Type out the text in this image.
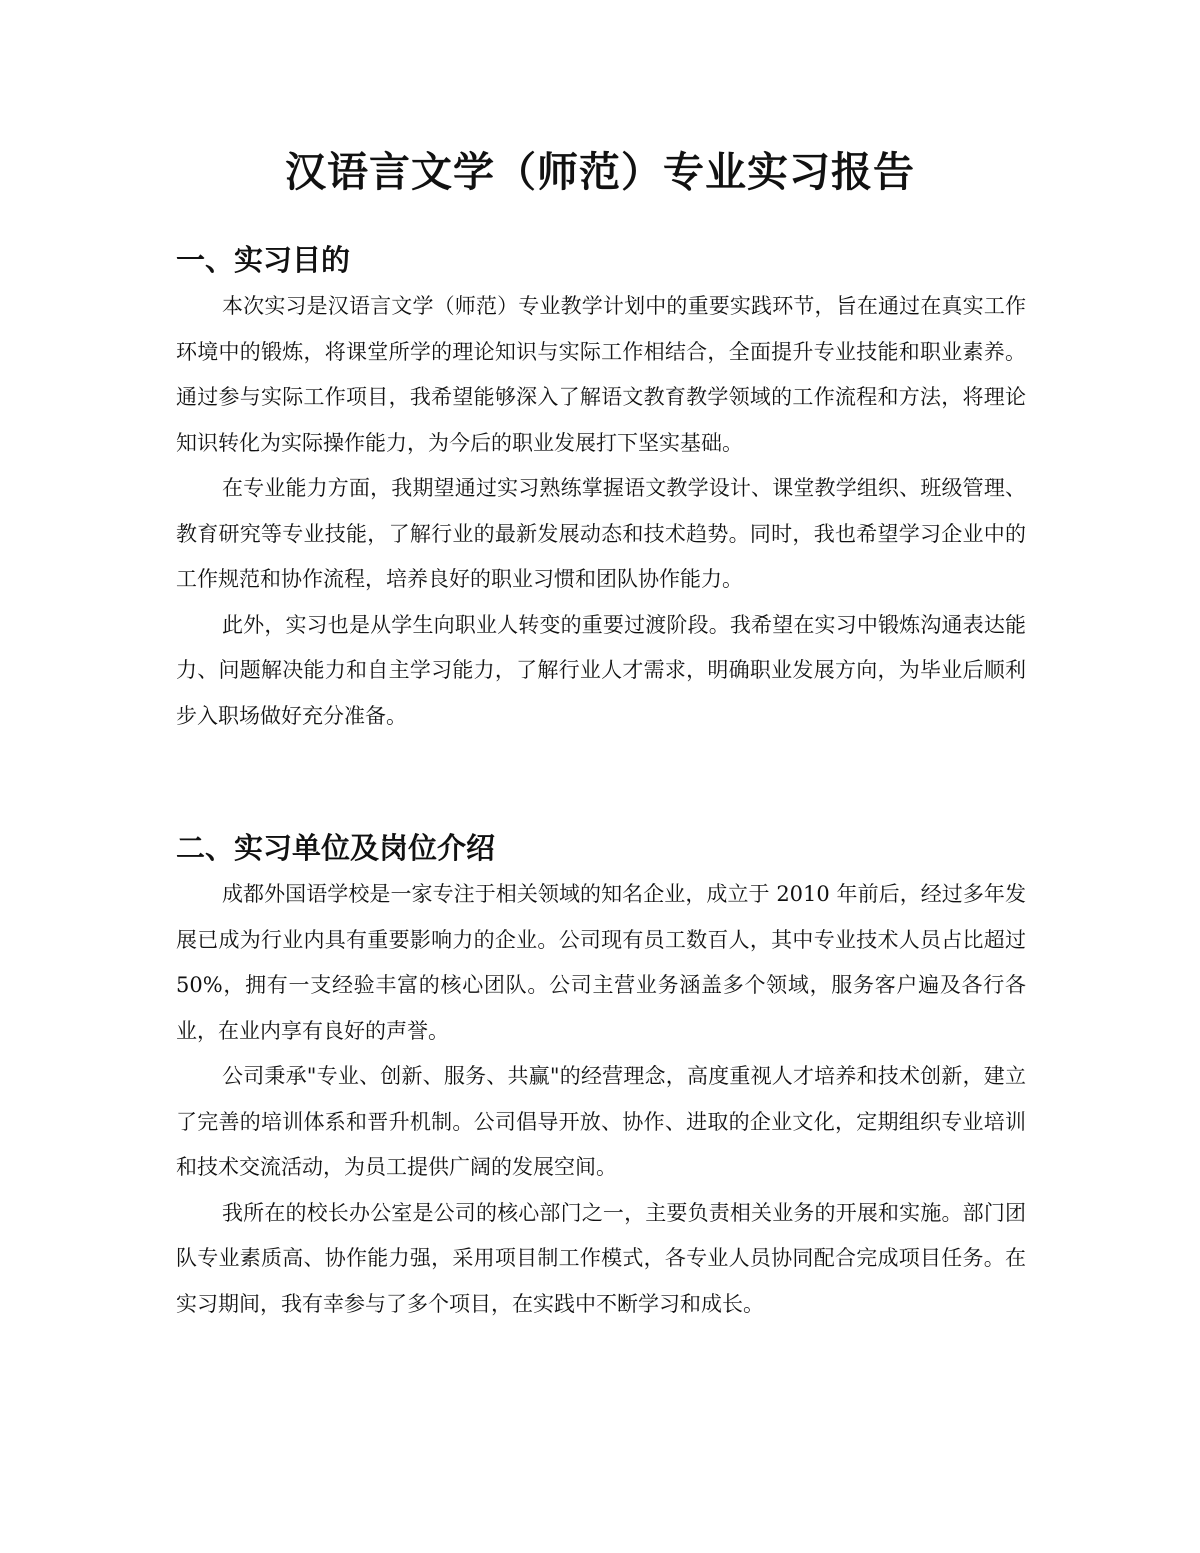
汉语言文学（师范）专业实习报告
一、实习目的

本次实习是汉语言文学（师范）专业教学计划中的重要实践环节，旨在通过在真实工作环境中的锻炼，将课堂所学的理论知识与实际工作相结合，全面提升专业技能和职业素养。通过参与实际工作项目，我希望能够深入了解语文教育教学领域的工作流程和方法，将理论知识转化为实际操作能力，为今后的职业发展打下坚实基础。

在专业能力方面，我期望通过实习熟练掌握语文教学设计、课堂教学组织、班级管理、教育研究等专业技能，了解行业的最新发展动态和技术趋势。同时，我也希望学习企业中的工作规范和协作流程，培养良好的职业习惯和团队协作能力。

此外，实习也是从学生向职业人转变的重要过渡阶段。我希望在实习中锻炼沟通表达能力、问题解决能力和自主学习能力，了解行业人才需求，明确职业发展方向，为毕业后顺利步入职场做好充分准备。

二、实习单位及岗位介绍

成都外国语学校是一家专注于相关领域的知名企业，成立于 2010 年前后，经过多年发展已成为行业内具有重要影响力的企业。公司现有员工数百人，其中专业技术人员占比超过 50%，拥有一支经验丰富的核心团队。公司主营业务涵盖多个领域，服务客户遍及各行各业，在业内享有良好的声誉。

公司秉承"专业、创新、服务、共赢"的经营理念，高度重视人才培养和技术创新，建立了完善的培训体系和晋升机制。公司倡导开放、协作、进取的企业文化，定期组织专业培训和技术交流活动，为员工提供广阔的发展空间。

我所在的校长办公室是公司的核心部门之一，主要负责相关业务的开展和实施。部门团队专业素质高、协作能力强，采用项目制工作模式，各专业人员协同配合完成项目任务。在实习期间，我有幸参与了多个项目，在实践中不断学习和成长。
